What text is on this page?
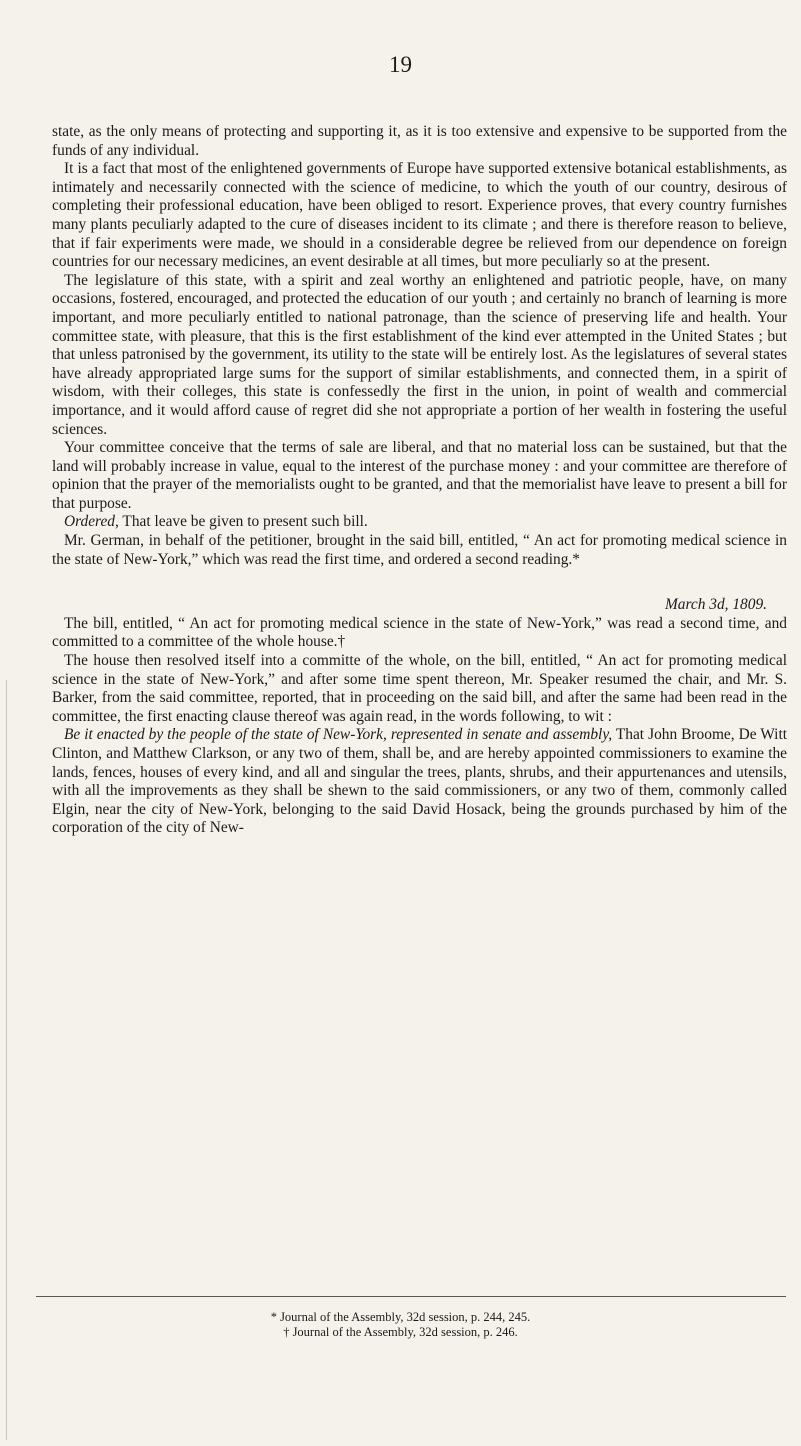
19

state, as the only means of protecting and supporting it, as it is too extensive and expensive to be supported from the funds of any individual.

It is a fact that most of the enlightened governments of Europe have supported extensive botanical establishments, as intimately and necessarily connected with the science of medicine, to which the youth of our country, desirous of completing their professional education, have been obliged to resort. Experience proves, that every country furnishes many plants peculiarly adapted to the cure of diseases incident to its climate ; and there is therefore reason to believe, that if fair experiments were made, we should in a considerable degree be relieved from our dependence on foreign countries for our necessary medicines, an event desirable at all times, but more peculiarly so at the present.

The legislature of this state, with a spirit and zeal worthy an enlightened and patriotic people, have, on many occasions, fostered, encouraged, and protected the education of our youth ; and certainly no branch of learning is more important, and more peculiarly entitled to national patronage, than the science of preserving life and health. Your committee state, with pleasure, that this is the first establishment of the kind ever attempted in the United States ; but that unless patronised by the government, its utility to the state will be entirely lost. As the legislatures of several states have already appropriated large sums for the support of similar establishments, and connected them, in a spirit of wisdom, with their colleges, this state is confessedly the first in the union, in point of wealth and commercial importance, and it would afford cause of regret did she not appropriate a portion of her wealth in fostering the useful sciences.

Your committee conceive that the terms of sale are liberal, and that no material loss can be sustained, but that the land will probably increase in value, equal to the interest of the purchase money : and your committee are therefore of opinion that the prayer of the memorialists ought to be granted, and that the memorialist have leave to present a bill for that purpose.

Ordered, That leave be given to present such bill.

Mr. German, in behalf of the petitioner, brought in the said bill, entitled, “ An act for promoting medical science in the state of New-York,” which was read the first time, and ordered a second reading.*

March 3d, 1809.

The bill, entitled, “ An act for promoting medical science in the state of New-York,” was read a second time, and committed to a committee of the whole house.†

The house then resolved itself into a committe of the whole, on the bill, entitled, “ An act for promoting medical science in the state of New-York,” and after some time spent thereon, Mr. Speaker resumed the chair, and Mr. S. Barker, from the said committee, reported, that in proceeding on the said bill, and after the same had been read in the committee, the first enacting clause thereof was again read, in the words following, to wit :

Be it enacted by the people of the state of New-York, represented in senate and assembly, That John Broome, De Witt Clinton, and Matthew Clarkson, or any two of them, shall be, and are hereby appointed commissioners to examine the lands, fences, houses of every kind, and all and singular the trees, plants, shrubs, and their appurtenances and utensils, with all the improvements as they shall be shewn to the said commissioners, or any two of them, commonly called Elgin, near the city of New-York, belonging to the said David Hosack, being the grounds purchased by him of the corporation of the city of New-

* Journal of the Assembly, 32d session, p. 244, 245.
† Journal of the Assembly, 32d session, p. 246.
